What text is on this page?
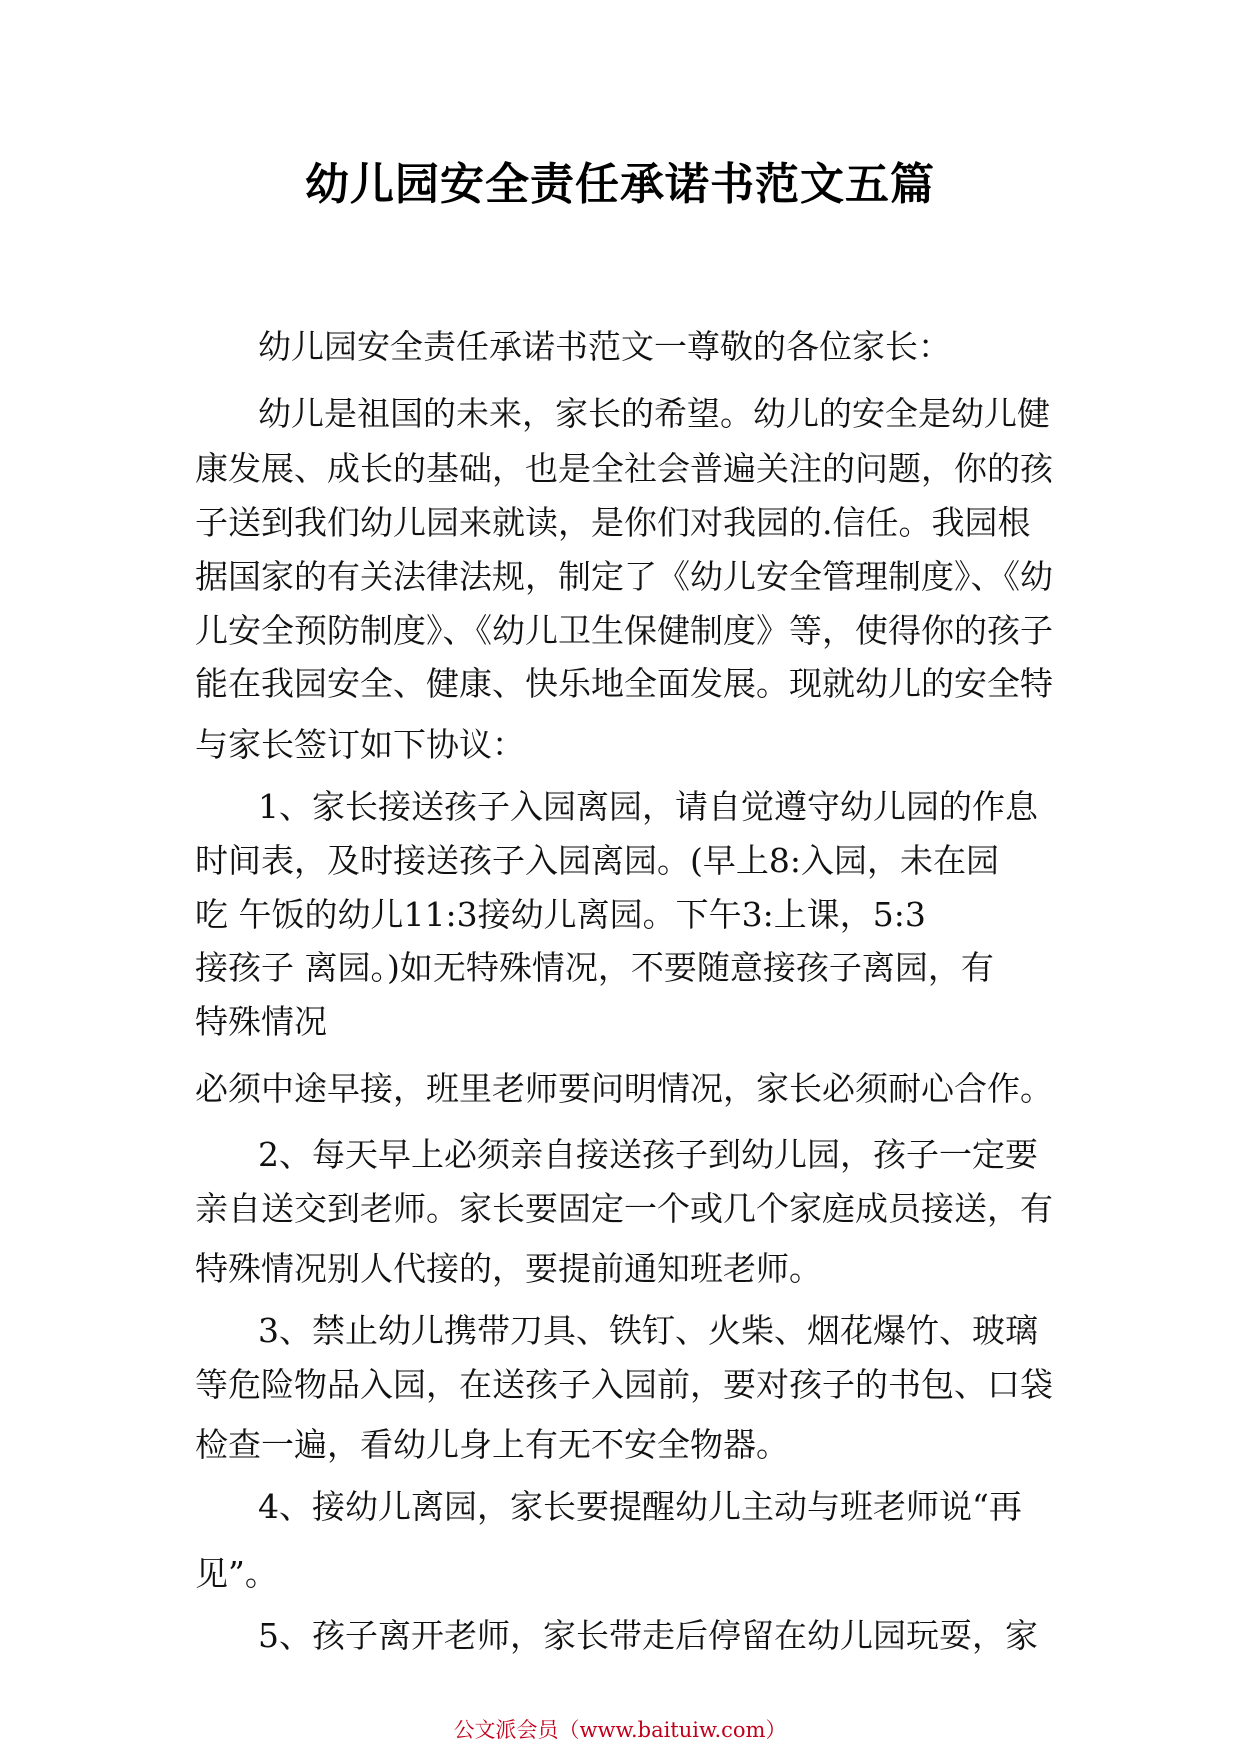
幼儿园安全责任承诺书范文五篇
幼儿园安全责任承诺书范文一尊敬的各位家长：
幼儿是祖国的未来，家长的希望。幼儿的安全是幼儿健
康发展、成长的基础，也是全社会普遍关注的问题，你的孩
子送到我们幼儿园来就读，是你们对我园的.信任。我园根
据国家的有关法律法规，制定了《幼儿安全管理制度》、《幼
儿安全预防制度》、《幼儿卫生保健制度》等，使得你的孩子
能在我园安全、健康、快乐地全面发展。现就幼儿的安全特
与家长签订如下协议：
1、家长接送孩子入园离园，请自觉遵守幼儿园的作息
时间表，及时接送孩子入园离园。(早上8:入园，未在园
吃 午饭的幼儿11:3接幼儿离园。下午3:上课，5:3
接孩子 离园。)如无特殊情况，不要随意接孩子离园，有
特殊情况
必须中途早接，班里老师要问明情况，家长必须耐心合作。
2、每天早上必须亲自接送孩子到幼儿园，孩子一定要
亲自送交到老师。家长要固定一个或几个家庭成员接送，有
特殊情况别人代接的，要提前通知班老师。
3、禁止幼儿携带刀具、铁钉、火柴、烟花爆竹、玻璃
等危险物品入园，在送孩子入园前，要对孩子的书包、口袋
检查一遍，看幼儿身上有无不安全物器。
4、接幼儿离园，家长要提醒幼儿主动与班老师说“再
见”。
5、孩子离开老师，家长带走后停留在幼儿园玩耍，家
公文派会员（www.baituiw.com）
